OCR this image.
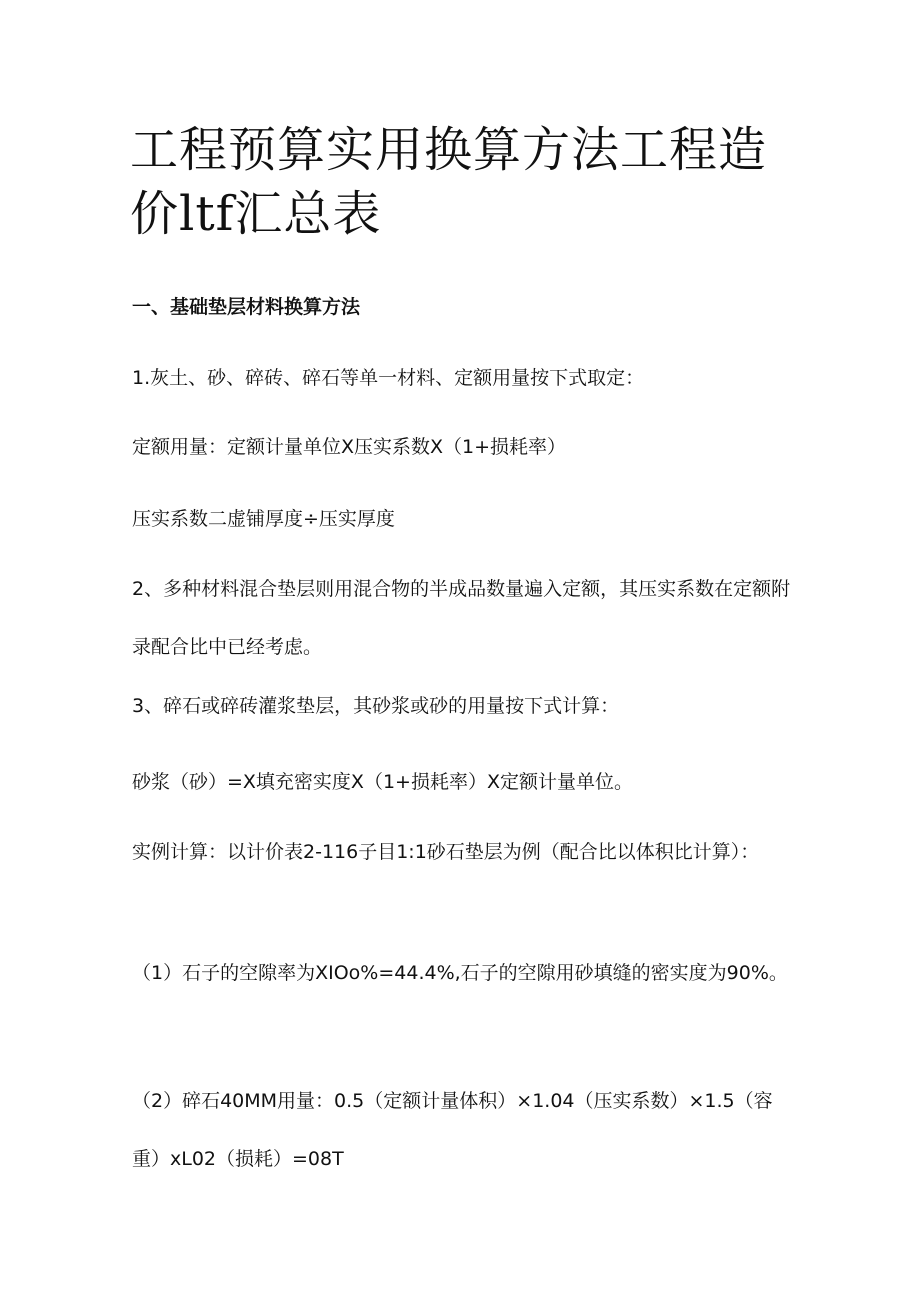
工程预算实用换算方法工程造价ltf汇总表

一、基础垫层材料换算方法

1.灰土、砂、碎砖、碎石等单一材料、定额用量按下式取定：

定额用量：定额计量单位X压实系数X（1+损耗率）

压实系数二虚铺厚度÷压实厚度

2、多种材料混合垫层则用混合物的半成品数量遍入定额，其压实系数在定额附录配合比中已经考虑。

3、碎石或碎砖灌浆垫层，其砂浆或砂的用量按下式计算：

砂浆（砂）=X填充密实度X（1+损耗率）X定额计量单位。

实例计算：以计价表2-116子目1:1砂石垫层为例（配合比以体积比计算）：

（1）石子的空隙率为XIOo%=44.4%,石子的空隙用砂填缝的密实度为90%。

（2）碎石40MM用量：0.5（定额计量体积）×1.04（压实系数）×1.5（容重）xL02（损耗）=08T
